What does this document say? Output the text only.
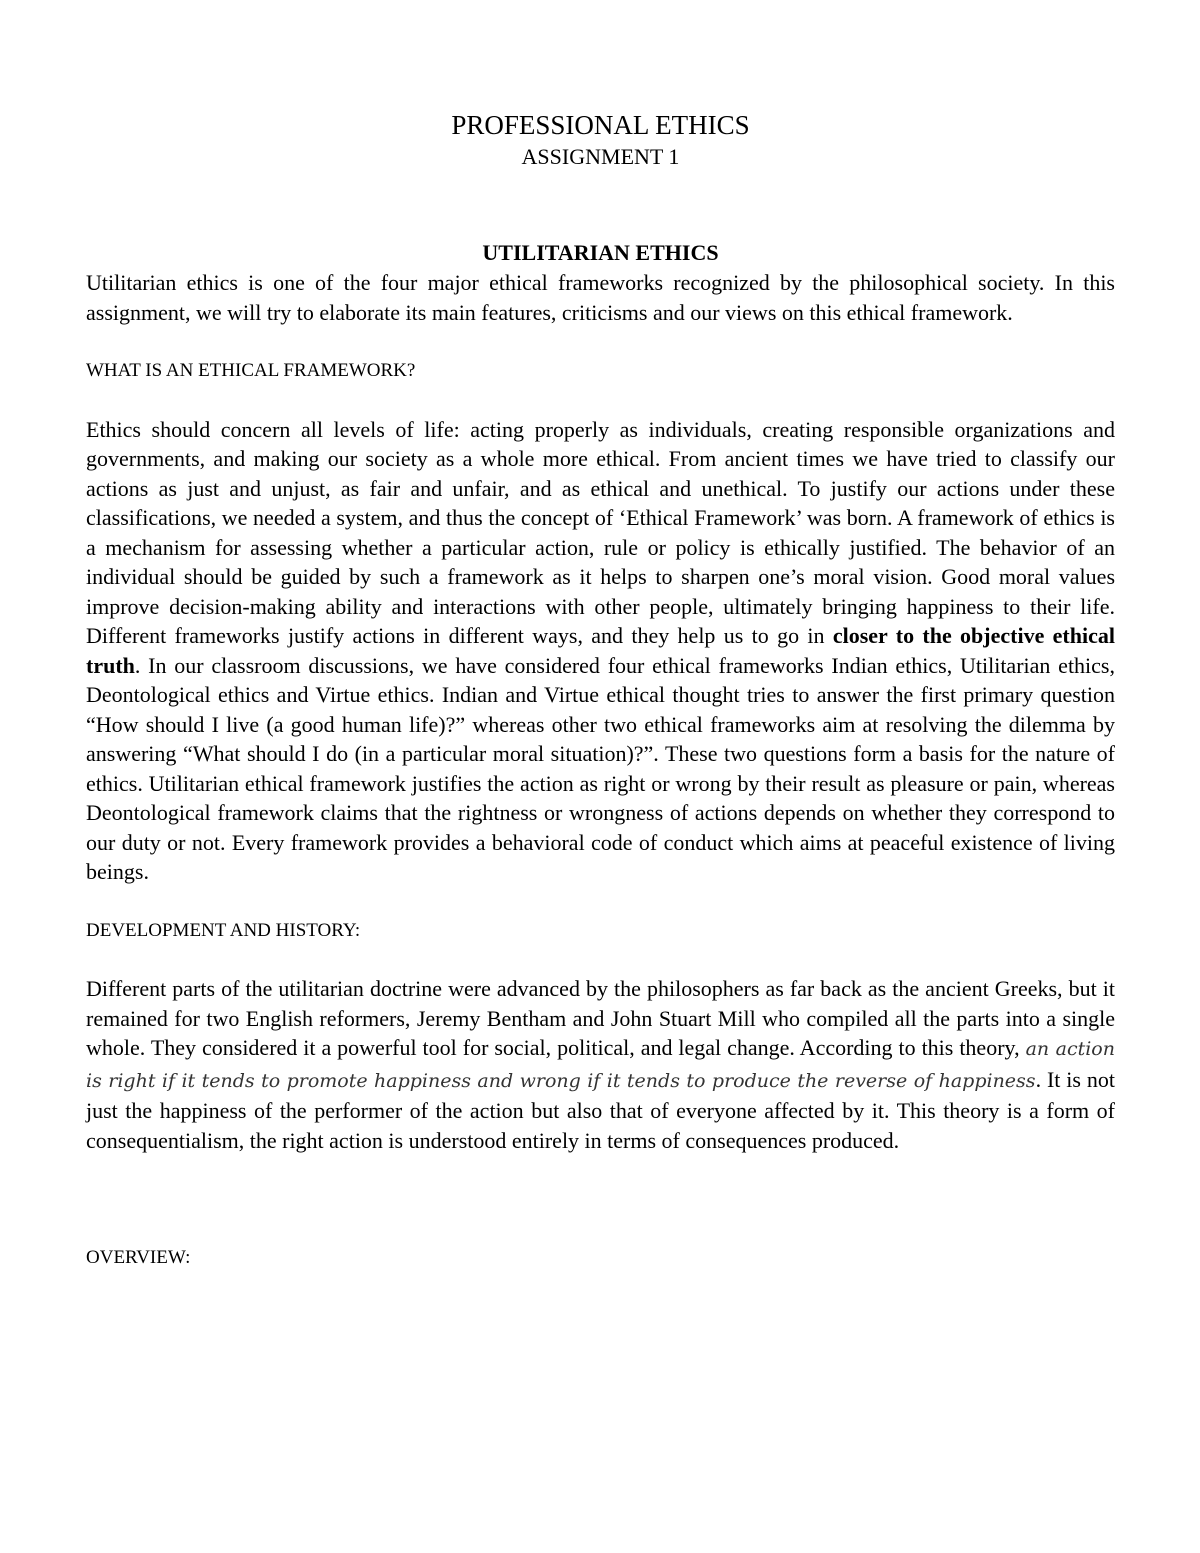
PROFESSIONAL ETHICS
ASSIGNMENT 1
UTILITARIAN ETHICS

Utilitarian ethics is one of the four major ethical frameworks recognized by the philosophical society. In this assignment, we will try to elaborate its main features, criticisms and our views on this ethical framework.

WHAT IS AN ETHICAL FRAMEWORK?

Ethics should concern all levels of life: acting properly as individuals, creating responsible organizations and governments, and making our society as a whole more ethical. From ancient times we have tried to classify our actions as just and unjust, as fair and unfair, and as ethical and unethical. To justify our actions under these classifications, we needed a system, and thus the concept of ‘Ethical Framework’ was born. A framework of ethics is a mechanism for assessing whether a particular action, rule or policy is ethically justified. The behavior of an individual should be guided by such a framework as it helps to sharpen one’s moral vision. Good moral values improve decision-making ability and interactions with other people, ultimately bringing happiness to their life. Different frameworks justify actions in different ways, and they help us to go in closer to the objective ethical truth. In our classroom discussions, we have considered four ethical frameworks Indian ethics, Utilitarian ethics, Deontological ethics and Virtue ethics. Indian and Virtue ethical thought tries to answer the first primary question “How should I live (a good human life)?” whereas other two ethical frameworks aim at resolving the dilemma by answering “What should I do (in a particular moral situation)?”. These two questions form a basis for the nature of ethics. Utilitarian ethical framework justifies the action as right or wrong by their result as pleasure or pain, whereas Deontological framework claims that the rightness or wrongness of actions depends on whether they correspond to our duty or not. Every framework provides a behavioral code of conduct which aims at peaceful existence of living beings.

DEVELOPMENT AND HISTORY:

Different parts of the utilitarian doctrine were advanced by the philosophers as far back as the ancient Greeks, but it remained for two English reformers, Jeremy Bentham and John Stuart Mill who compiled all the parts into a single whole. They considered it a powerful tool for social, political, and legal change. According to this theory, an action is right if it tends to promote happiness and wrong if it tends to produce the reverse of happiness. It is not just the happiness of the performer of the action but also that of everyone affected by it. This theory is a form of consequentialism, the right action is understood entirely in terms of consequences produced.

OVERVIEW:
